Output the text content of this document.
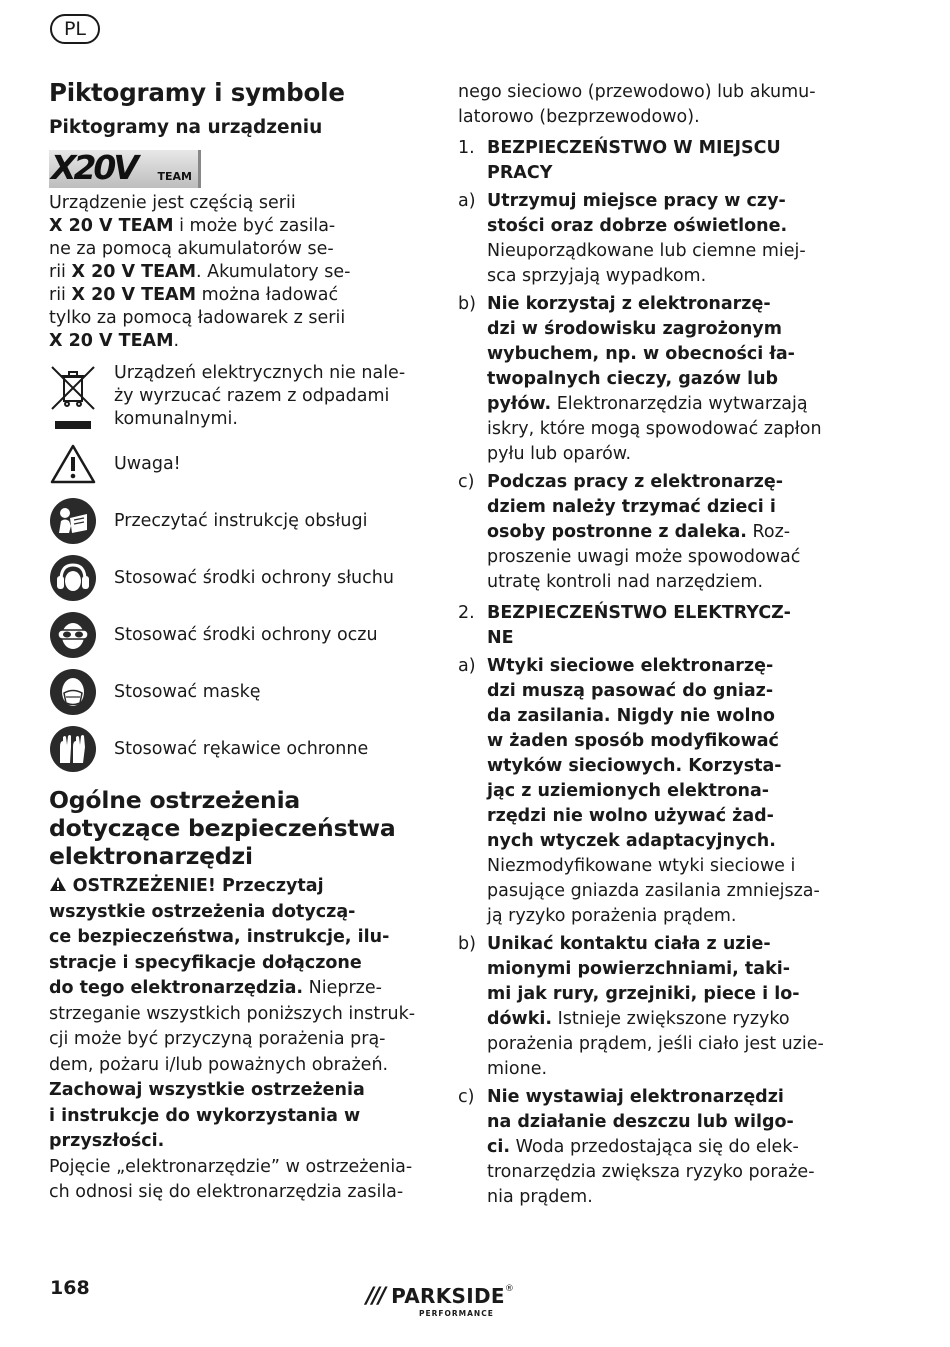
PL
Piktogramy i symbole
Piktogramy na urządzeniu
X20V TEAM

Urządzenie jest częścią serii
X 20 V TEAM i może być zasila-
ne za pomocą akumulatorów se-
rii X 20 V TEAM. Akumulatory se-
rii X 20 V TEAM można ładować
tylko za pomocą ładowarek z serii
X 20 V TEAM.

Urządzeń elektrycznych nie nale-
ży wyrzucać razem z odpadami
komunalnymi.
Uwaga!
Przeczytać instrukcję obsługi
Stosować środki ochrony słuchu
Stosować środki ochrony oczu
Stosować maskę
Stosować rękawice ochronne
Ogólne ostrzeżenia
dotyczące bezpieczeństwa
elektronarzędzi

OSTRZEŻENIE! Przeczytaj
wszystkie ostrzeżenia dotyczą-
ce bezpieczeństwa, instrukcje, ilu-
stracje i specyfikacje dołączone
do tego elektronarzędzia. Nieprze-
strzeganie wszystkich poniższych instruk-
cji może być przyczyną porażenia prą-
dem, pożaru i/lub poważnych obrażeń.
Zachowaj wszystkie ostrzeżenia
i instrukcje do wykorzystania w
przyszłości.
Pojęcie „elektronarzędzie” w ostrzeżenia-
ch odnosi się do elektronarzędzia zasila-

nego sieciowo (przewodowo) lub akumu-
latorowo (bezprzewodowo).

1. BEZPIECZEŃSTWO W MIEJSCU
PRACY
a) Utrzymuj miejsce pracy w czy-
stości oraz dobrze oświetlone.
Nieuporządkowane lub ciemne miej-
sca sprzyjają wypadkom.
b) Nie korzystaj z elektronarzę-
dzi w środowisku zagrożonym
wybuchem, np. w obecności ła-
twopalnych cieczy, gazów lub
pyłów. Elektronarzędzia wytwarzają
iskry, które mogą spowodować zapłon
pyłu lub oparów.
c) Podczas pracy z elektronarzę-
dziem należy trzymać dzieci i
osoby postronne z daleka. Roz-
proszenie uwagi może spowodować
utratę kontroli nad narzędziem.
2. BEZPIECZEŃSTWO ELEKTRYCZ-
NE
a) Wtyki sieciowe elektronarzę-
dzi muszą pasować do gniaz-
da zasilania. Nigdy nie wolno
w żaden sposób modyfikować
wtyków sieciowych. Korzysta-
jąc z uziemionych elektrona-
rzędzi nie wolno używać żad-
nych wtyczek adaptacyjnych.
Niezmodyfikowane wtyki sieciowe i
pasujące gniazda zasilania zmniejsza-
ją ryzyko porażenia prądem.
b) Unikać kontaktu ciała z uzie-
mionymi powierzchniami, taki-
mi jak rury, grzejniki, piece i lo-
dówki. Istnieje zwiększone ryzyko
porażenia prądem, jeśli ciało jest uzie-
mione.
c) Nie wystawiaj elektronarzędzi
na działanie deszczu lub wilgo-
ci. Woda przedostająca się do elek-
tronarzędzia zwiększa ryzyko poraże-
nia prądem.
168	/// PARKSIDE®
PERFORMANCE
